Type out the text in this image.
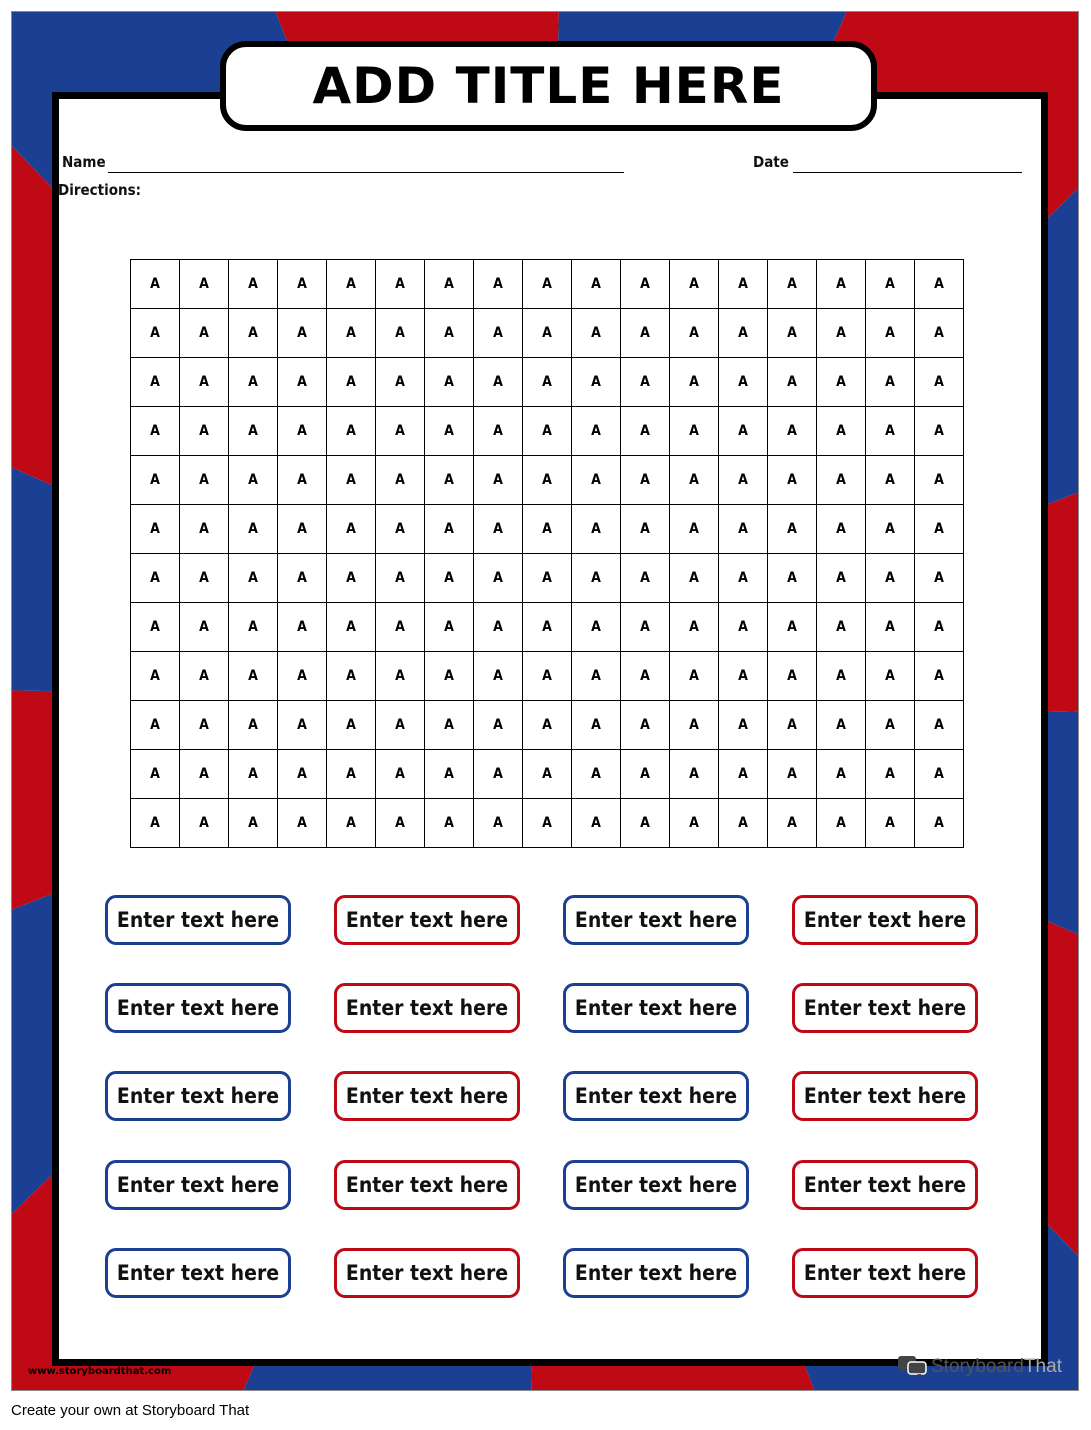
ADD TITLE HERE
Name	Date
Directions:
A	A	A	A	A	A	A	A	A	A	A	A	A	A	A	A	A
A	A	A	A	A	A	A	A	A	A	A	A	A	A	A	A	A
A	A	A	A	A	A	A	A	A	A	A	A	A	A	A	A	A
A	A	A	A	A	A	A	A	A	A	A	A	A	A	A	A	A
A	A	A	A	A	A	A	A	A	A	A	A	A	A	A	A	A
A	A	A	A	A	A	A	A	A	A	A	A	A	A	A	A	A
A	A	A	A	A	A	A	A	A	A	A	A	A	A	A	A	A
A	A	A	A	A	A	A	A	A	A	A	A	A	A	A	A	A
A	A	A	A	A	A	A	A	A	A	A	A	A	A	A	A	A
A	A	A	A	A	A	A	A	A	A	A	A	A	A	A	A	A
A	A	A	A	A	A	A	A	A	A	A	A	A	A	A	A	A
A	A	A	A	A	A	A	A	A	A	A	A	A	A	A	A	A
Enter text here	Enter text here	Enter text here	Enter text here
Enter text here	Enter text here	Enter text here	Enter text here
Enter text here	Enter text here	Enter text here	Enter text here
Enter text here	Enter text here	Enter text here	Enter text here
Enter text here	Enter text here	Enter text here	Enter text here
www.storyboardthat.com	StoryboardThat
Create your own at Storyboard That
